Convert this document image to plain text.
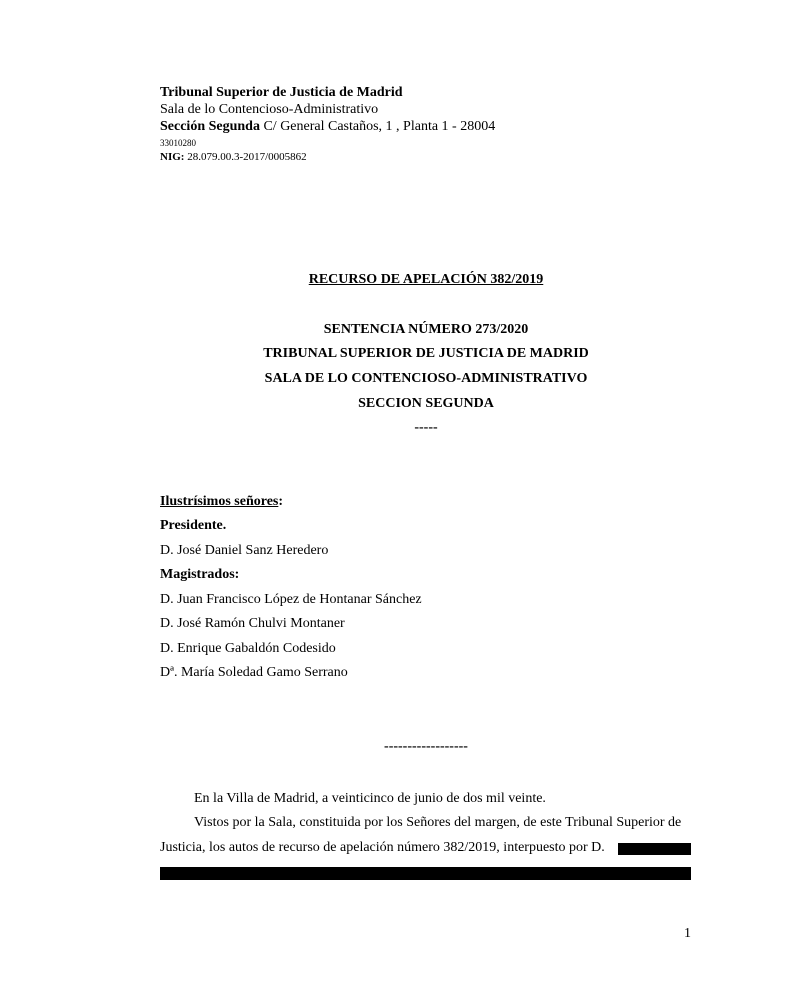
Tribunal Superior de Justicia de Madrid
Sala de lo Contencioso-Administrativo
Sección Segunda C/ General Castaños, 1 , Planta 1 - 28004
33010280
NIG: 28.079.00.3-2017/0005862
RECURSO DE APELACIÓN 382/2019
SENTENCIA NÚMERO 273/2020
TRIBUNAL SUPERIOR DE JUSTICIA DE MADRID
SALA DE LO CONTENCIOSO-ADMINISTRATIVO
SECCION SEGUNDA
-----
Ilustrísimos señores:
Presidente.
D. José Daniel Sanz Heredero
Magistrados:
D. Juan Francisco López de Hontanar Sánchez
D. José Ramón Chulvi Montaner
D. Enrique Gabaldón Codesido
Dª. María Soledad Gamo Serrano
------------------
En la Villa de Madrid, a veinticinco de junio de dos mil veinte.
Vistos por la Sala, constituida por los Señores del margen, de este Tribunal Superior de
Justicia, los autos de recurso de apelación número 382/2019, interpuesto por D.
1
